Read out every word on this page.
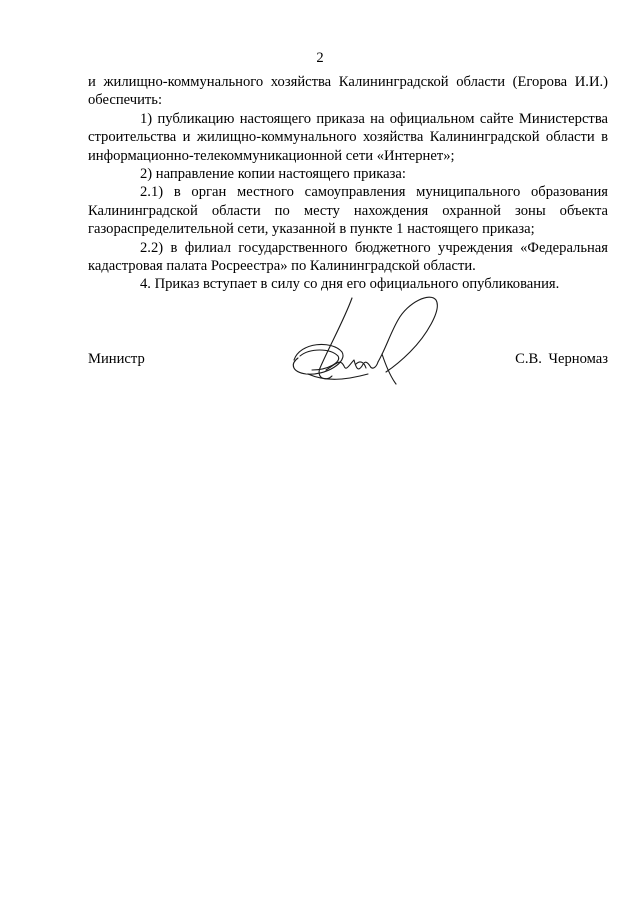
2

и жилищно-коммунального хозяйства Калининградской области (Егорова И.И.) обеспечить:

1) публикацию настоящего приказа на официальном сайте Министерства строительства и жилищно-коммунального хозяйства Калининградской области в информационно-телекоммуникационной сети «Интернет»;

2) направление копии настоящего приказа:

2.1) в орган местного самоуправления муниципального образования Калининградской области по месту нахождения охранной зоны объекта газораспределительной сети, указанной в пункте 1 настоящего приказа;

2.2) в филиал государственного бюджетного учреждения «Федеральная кадастровая палата Росреестра» по Калининградской области.

4. Приказ вступает в силу со дня его официального опубликования.

Министр	С.В. Черномаз
